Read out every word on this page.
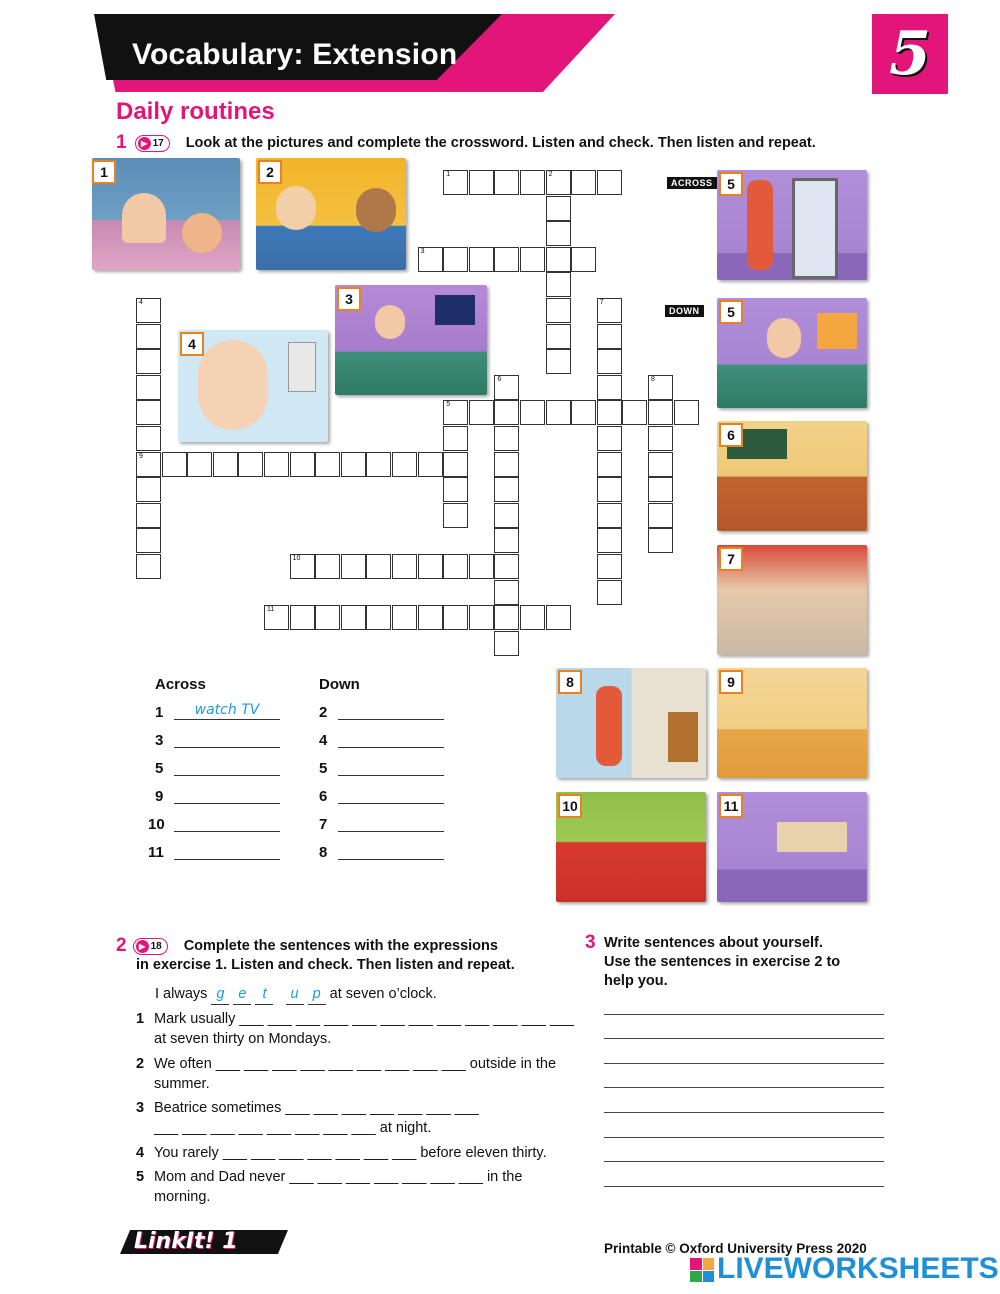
Vocabulary: Extension	5
Daily routines
1	▶ 17 Look at the pictures and complete the crossword. Listen and check. Then listen and repeat.
1	2
3
4
ACROSS	5
DOWN	5
6
7
8	9
10	11
1	2
3
4
9
7
6	8
5
10
11
Across	Down
1	watch TV
3
5
9
10
11
2
4
5
6
7
8
2	▶ 18 Complete the sentences with the expressions
in exercise 1. Listen and check. Then listen and repeat.
I always g e t u p at seven o’clock.
1 Mark usually ___ ___ ___ ___ ___ ___ ___ ___ ___ ___ ___ ___
at seven thirty on Mondays.
2 We often ___ ___ ___ ___ ___ ___ ___ ___ ___ outside in the
summer.
3 Beatrice sometimes ___ ___ ___ ___ ___ ___ ___
___ ___ ___ ___ ___ ___ ___ ___ at night.
4 You rarely ___ ___ ___ ___ ___ ___ ___ before eleven thirty.
5 Mom and Dad never ___ ___ ___ ___ ___ ___ ___ in the
morning.
3 Write sentences about yourself.
Use the sentences in exercise 2 to
help you.
LinkIt! 1	Printable © Oxford University Press 2020
LIVEWORKSHEETS
